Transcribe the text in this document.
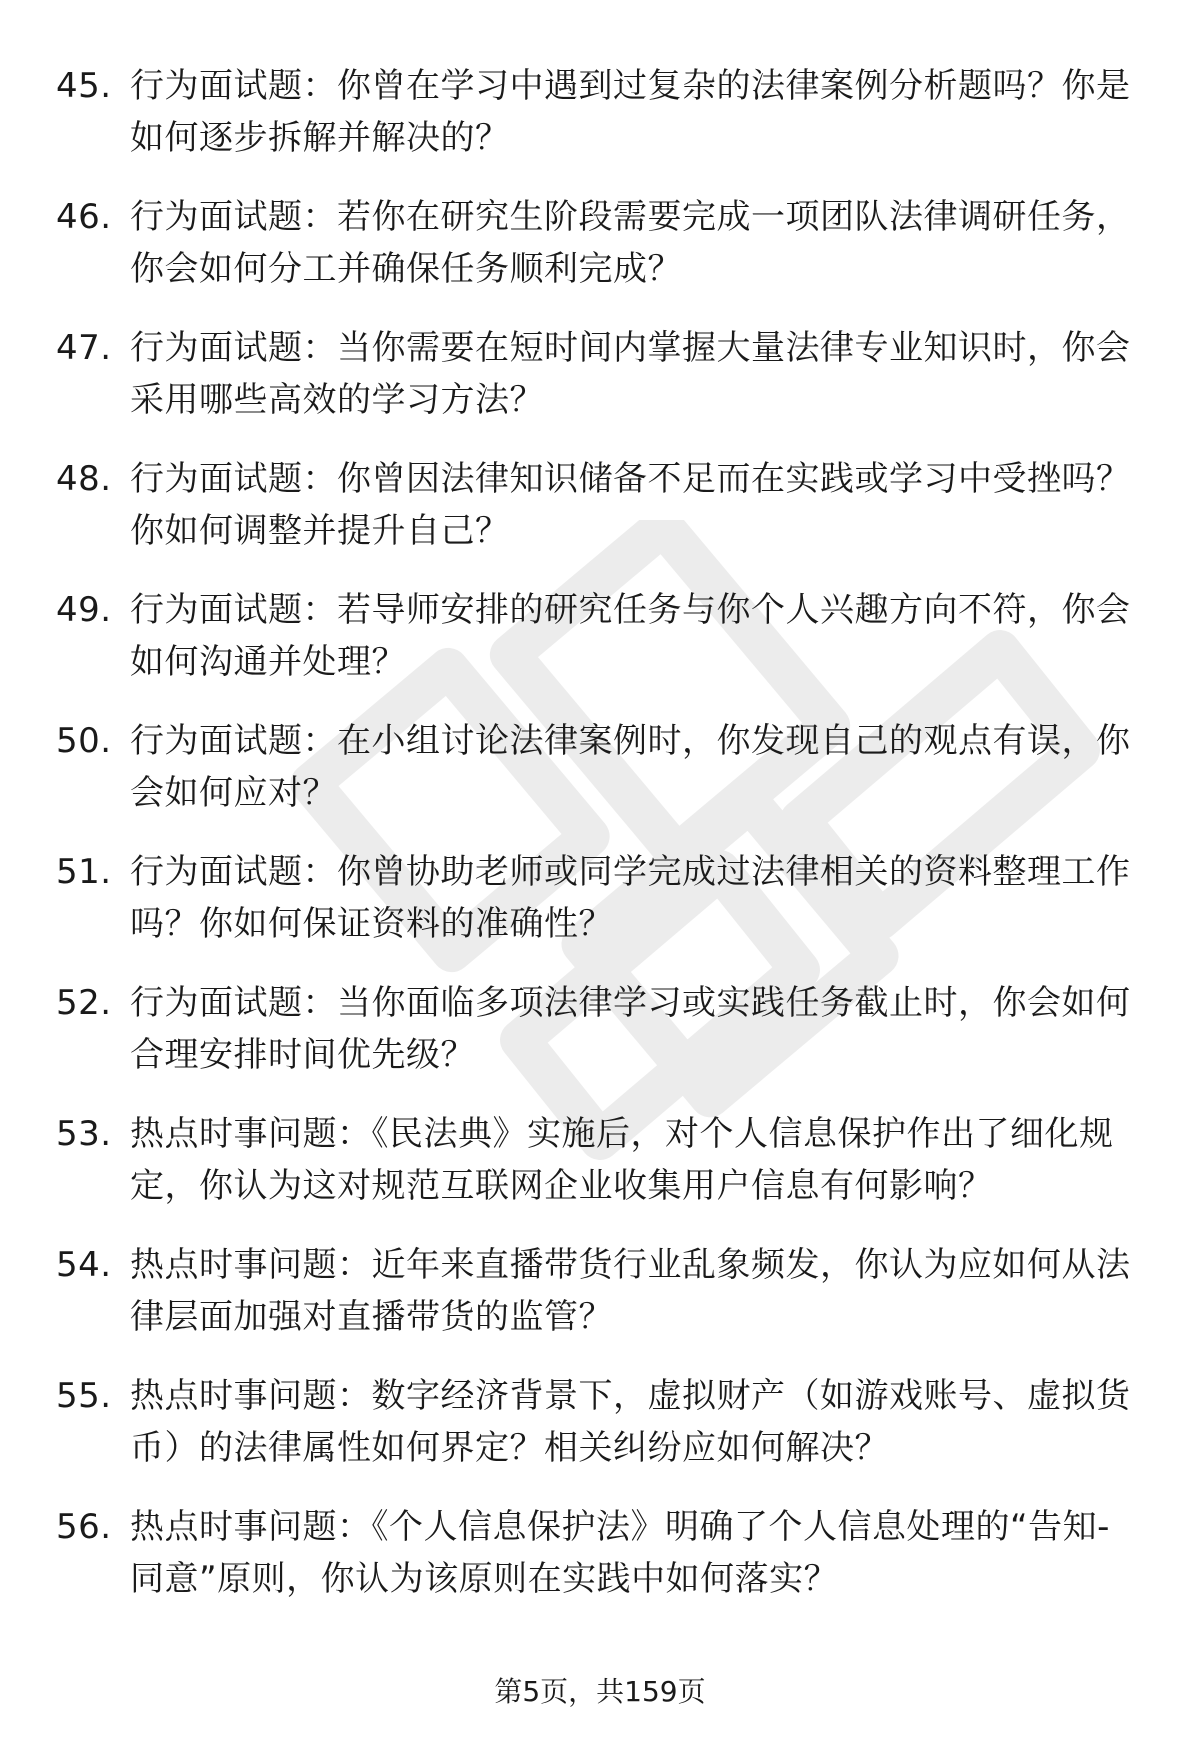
45. 行为面试题：你曾在学习中遇到过复杂的法律案例分析题吗？你是如何逐步拆解并解决的？
46. 行为面试题：若你在研究生阶段需要完成一项团队法律调研任务，你会如何分工并确保任务顺利完成？
47. 行为面试题：当你需要在短时间内掌握大量法律专业知识时，你会采用哪些高效的学习方法？
48. 行为面试题：你曾因法律知识储备不足而在实践或学习中受挫吗？你如何调整并提升自己？
49. 行为面试题：若导师安排的研究任务与你个人兴趣方向不符，你会如何沟通并处理？
50. 行为面试题：在小组讨论法律案例时，你发现自己的观点有误，你会如何应对？
51. 行为面试题：你曾协助老师或同学完成过法律相关的资料整理工作吗？你如何保证资料的准确性？
52. 行为面试题：当你面临多项法律学习或实践任务截止时，你会如何合理安排时间优先级？
53. 热点时事问题：《民法典》实施后，对个人信息保护作出了细化规定，你认为这对规范互联网企业收集用户信息有何影响？
54. 热点时事问题：近年来直播带货行业乱象频发，你认为应如何从法律层面加强对直播带货的监管？
55. 热点时事问题：数字经济背景下，虚拟财产（如游戏账号、虚拟货币）的法律属性如何界定？相关纠纷应如何解决？
56. 热点时事问题：《个人信息保护法》明确了个人信息处理的“告知-同意”原则，你认为该原则在实践中如何落实？
第5页，共159页
